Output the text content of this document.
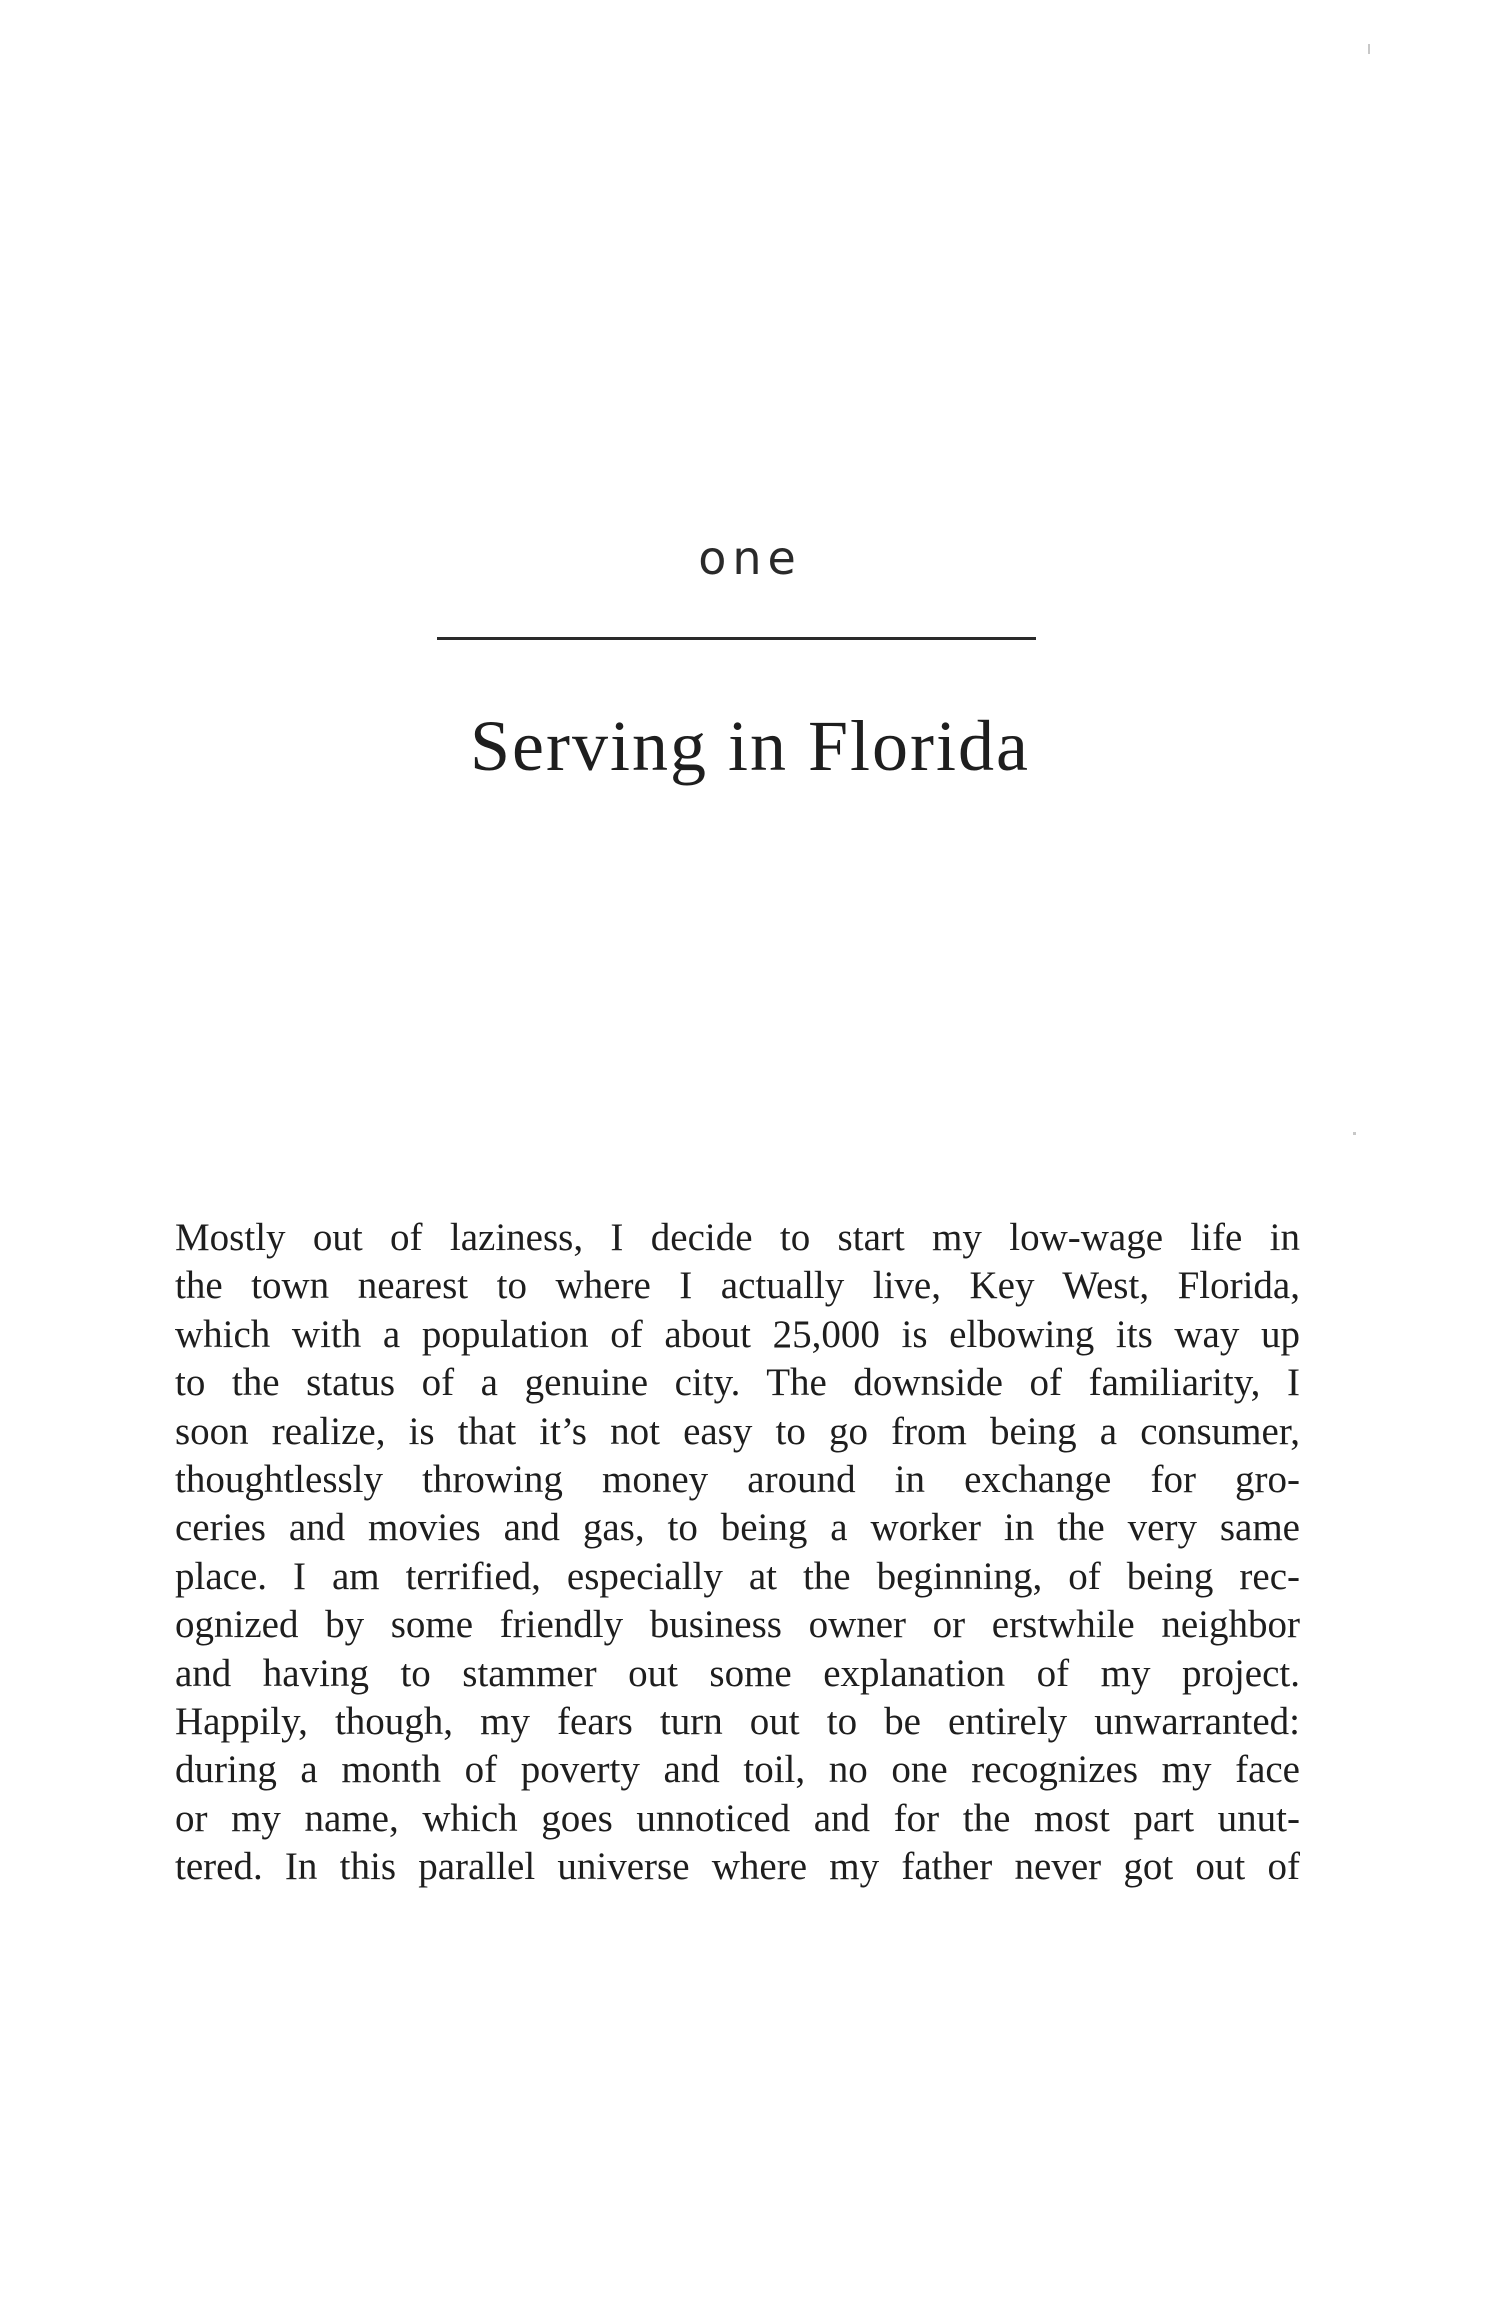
one
Serving in Florida
Mostly out of laziness, I decide to start my low-wage life in
the town nearest to where I actually live, Key West, Florida,
which with a population of about 25,000 is elbowing its way up
to the status of a genuine city. The downside of familiarity, I
soon realize, is that it’s not easy to go from being a consumer,
thoughtlessly throwing money around in exchange for gro-
ceries and movies and gas, to being a worker in the very same
place. I am terrified, especially at the beginning, of being rec-
ognized by some friendly business owner or erstwhile neighbor
and having to stammer out some explanation of my project.
Happily, though, my fears turn out to be entirely unwarranted:
during a month of poverty and toil, no one recognizes my face
or my name, which goes unnoticed and for the most part unut-
tered. In this parallel universe where my father never got out of
